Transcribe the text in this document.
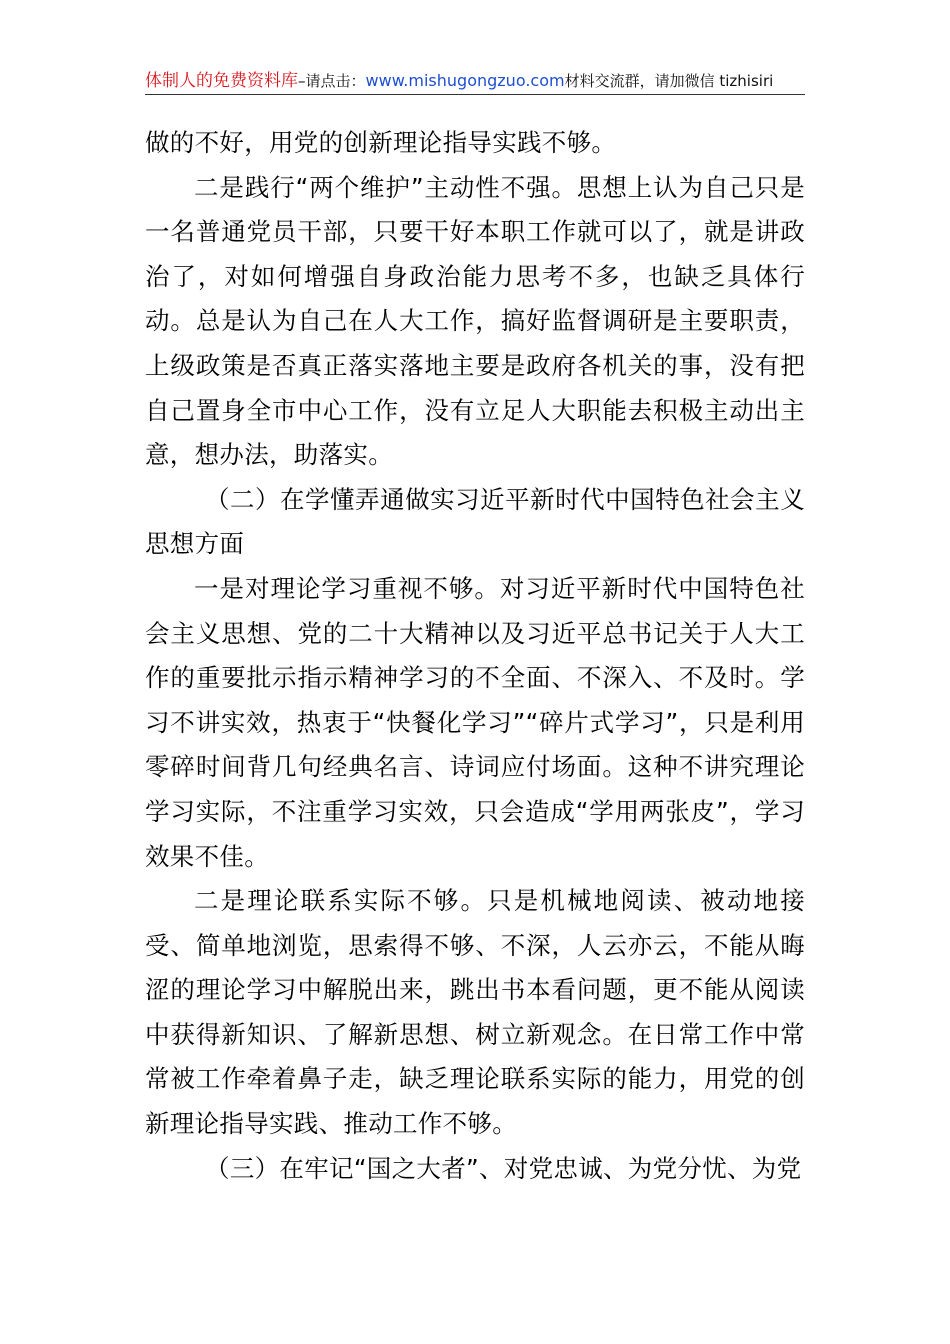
体制人的免费资料库–请点击：www.mishugongzuo.com材料交流群，请加微信 tizhisiri

做的不好，用党的创新理论指导实践不够。

二是践行“两个维护”主动性不强。思想上认为自己只是一名普通党员干部，只要干好本职工作就可以了，就是讲政治了，对如何增强自身政治能力思考不多，也缺乏具体行动。总是认为自己在人大工作，搞好监督调研是主要职责，上级政策是否真正落实落地主要是政府各机关的事，没有把自己置身全市中心工作，没有立足人大职能去积极主动出主意，想办法，助落实。

（二）在学懂弄通做实习近平新时代中国特色社会主义思想方面

一是对理论学习重视不够。对习近平新时代中国特色社会主义思想、党的二十大精神以及习近平总书记关于人大工作的重要批示指示精神学习的不全面、不深入、不及时。学习不讲实效，热衷于“快餐化学习”“碎片式学习”，只是利用零碎时间背几句经典名言、诗词应付场面。这种不讲究理论学习实际，不注重学习实效，只会造成“学用两张皮”，学习效果不佳。

二是理论联系实际不够。只是机械地阅读、被动地接受、简单地浏览，思索得不够、不深，人云亦云，不能从晦涩的理论学习中解脱出来，跳出书本看问题，更不能从阅读中获得新知识、了解新思想、树立新观念。在日常工作中常常被工作牵着鼻子走，缺乏理论联系实际的能力，用党的创新理论指导实践、推动工作不够。

（三）在牢记“国之大者”、对党忠诚、为党分忧、为党
